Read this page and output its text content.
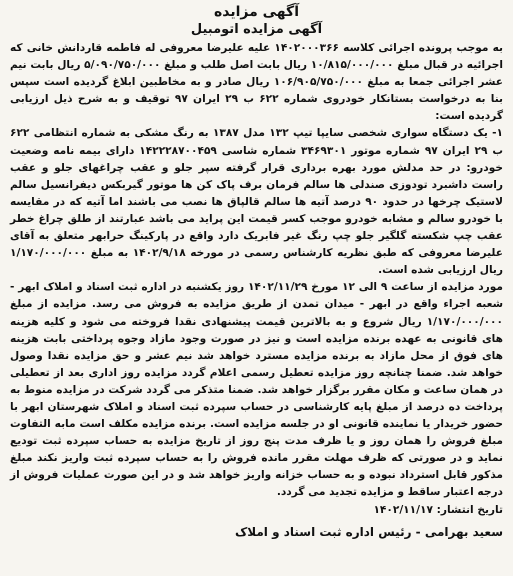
آگهی مزایده

آگهی مزایده اتومبیل

به موجب پرونده اجرائی کلاسه ۱۴۰۲۰۰۰۳۶۶ علیه علیرضا معروفی له فاطمه قاردانش خانی که اجرائیه در قبال مبلغ ۱۰/۸۱۵/۰۰۰/۰۰۰ ریال بابت اصل طلب و مبلغ ۵/۰۹۰/۷۵۰/۰۰۰ ریال بابت نیم عشر اجرائی جمعا به مبلغ ۱۰۶/۹۰۵/۷۵۰/۰۰۰ ریال صادر و به مخاطبین ابلاغ گردیده است سپس بنا به درخواست بستانکار خودروی شماره ۶۲۲ ب ۲۹ ایران ۹۷ توقیف و به شرح ذیل ارزیابی گردیده است:

۱- یک دستگاه سواری شخصی سایپا تیپ ۱۳۲ مدل ۱۳۸۷ به رنگ مشکی به شماره انتظامی ۶۲۲ ب ۲۹ ایران ۹۷ شماره موتور ۳۴۶۹۳۰۱ شماره شاسی ۱۴۲۲۲۸۷۰۰۴۵۹ دارای بیمه نامه وضعیت خودرو: در حد مدلش مورد بهره برداری قرار گرفته سپر جلو و عقب چراغهای جلو و عقب راست داشبرد تودوزی صندلی ها سالم فرمان برف پاک کن ها موتور گیربکس دیفرانسیل سالم لاستیک چرخها در حدود ۹۰ درصد آتیه ها سالم قالپاق ها نصب می باشند اما آتیه که در مقایسه با خودرو سالم و مشابه خودرو موجب کسر قیمت این پراید می باشد عبارتند از طلق چراغ خطر عقب چپ شکسته گلگیر جلو چپ رنگ غیر فابریک دارد واقع در پارکینگ حرابهر متعلق به آقای علیرضا معروفی که طبق نظریه کارشناس رسمی در مورخه ۱۴۰۲/۹/۱۸ به مبلغ ۱/۱۷۰/۰۰۰/۰۰۰ ریال ارزیابی شده است.

مورد مزایده از ساعت ۹ الی ۱۲ مورخ ۱۴۰۲/۱۱/۲۹ روز یکشنبه در اداره ثبت اسناد و املاک ابهر - شعبه اجراء واقع در ابهر - میدان تمدن از طریق مزایده به فروش می رسد. مزایده از مبلغ ۱/۱۷۰/۰۰۰/۰۰۰ ریال شروع و به بالاترین قیمت پیشنهادی نقدا فروخته می شود و کلیه هزینه های قانونی به عهده برنده مزایده است و نیز در صورت وجود مازاد وجوه پرداختی بابت هزینه های فوق از محل مازاد به برنده مزایده مسترد خواهد شد نیم عشر و حق مزایده نقدا وصول خواهد شد. ضمنا چنانچه روز مزایده تعطیل رسمی اعلام گردد مزایده روز اداری بعد از تعطیلی در همان ساعت و مکان مقرر برگزار خواهد شد. ضمنا متذکر می گردد شرکت در مزایده منوط به پرداخت ده درصد از مبلغ پایه کارشناسی در حساب سپرده ثبت اسناد و املاک شهرستان ابهر با حضور خریدار یا نماینده قانونی او در جلسه مزایده است. برنده مزایده مکلف است مابه التفاوت مبلغ فروش را همان روز و یا ظرف مدت پنج روز از تاریخ مزایده به حساب سپرده ثبت تودیع نماید و در صورتی که ظرف مهلت مقرر مانده فروش را به حساب سپرده ثبت واریز نکند مبلغ مذکور قابل استرداد نبوده و به حساب خزانه واریز خواهد شد و در این صورت عملیات فروش از درجه اعتبار ساقط و مزایده تجدید می گردد.

تاریخ انتشار: ۱۴۰۲/۱۱/۱۷

سعید بهرامی - رئیس اداره ثبت اسناد و املاک
